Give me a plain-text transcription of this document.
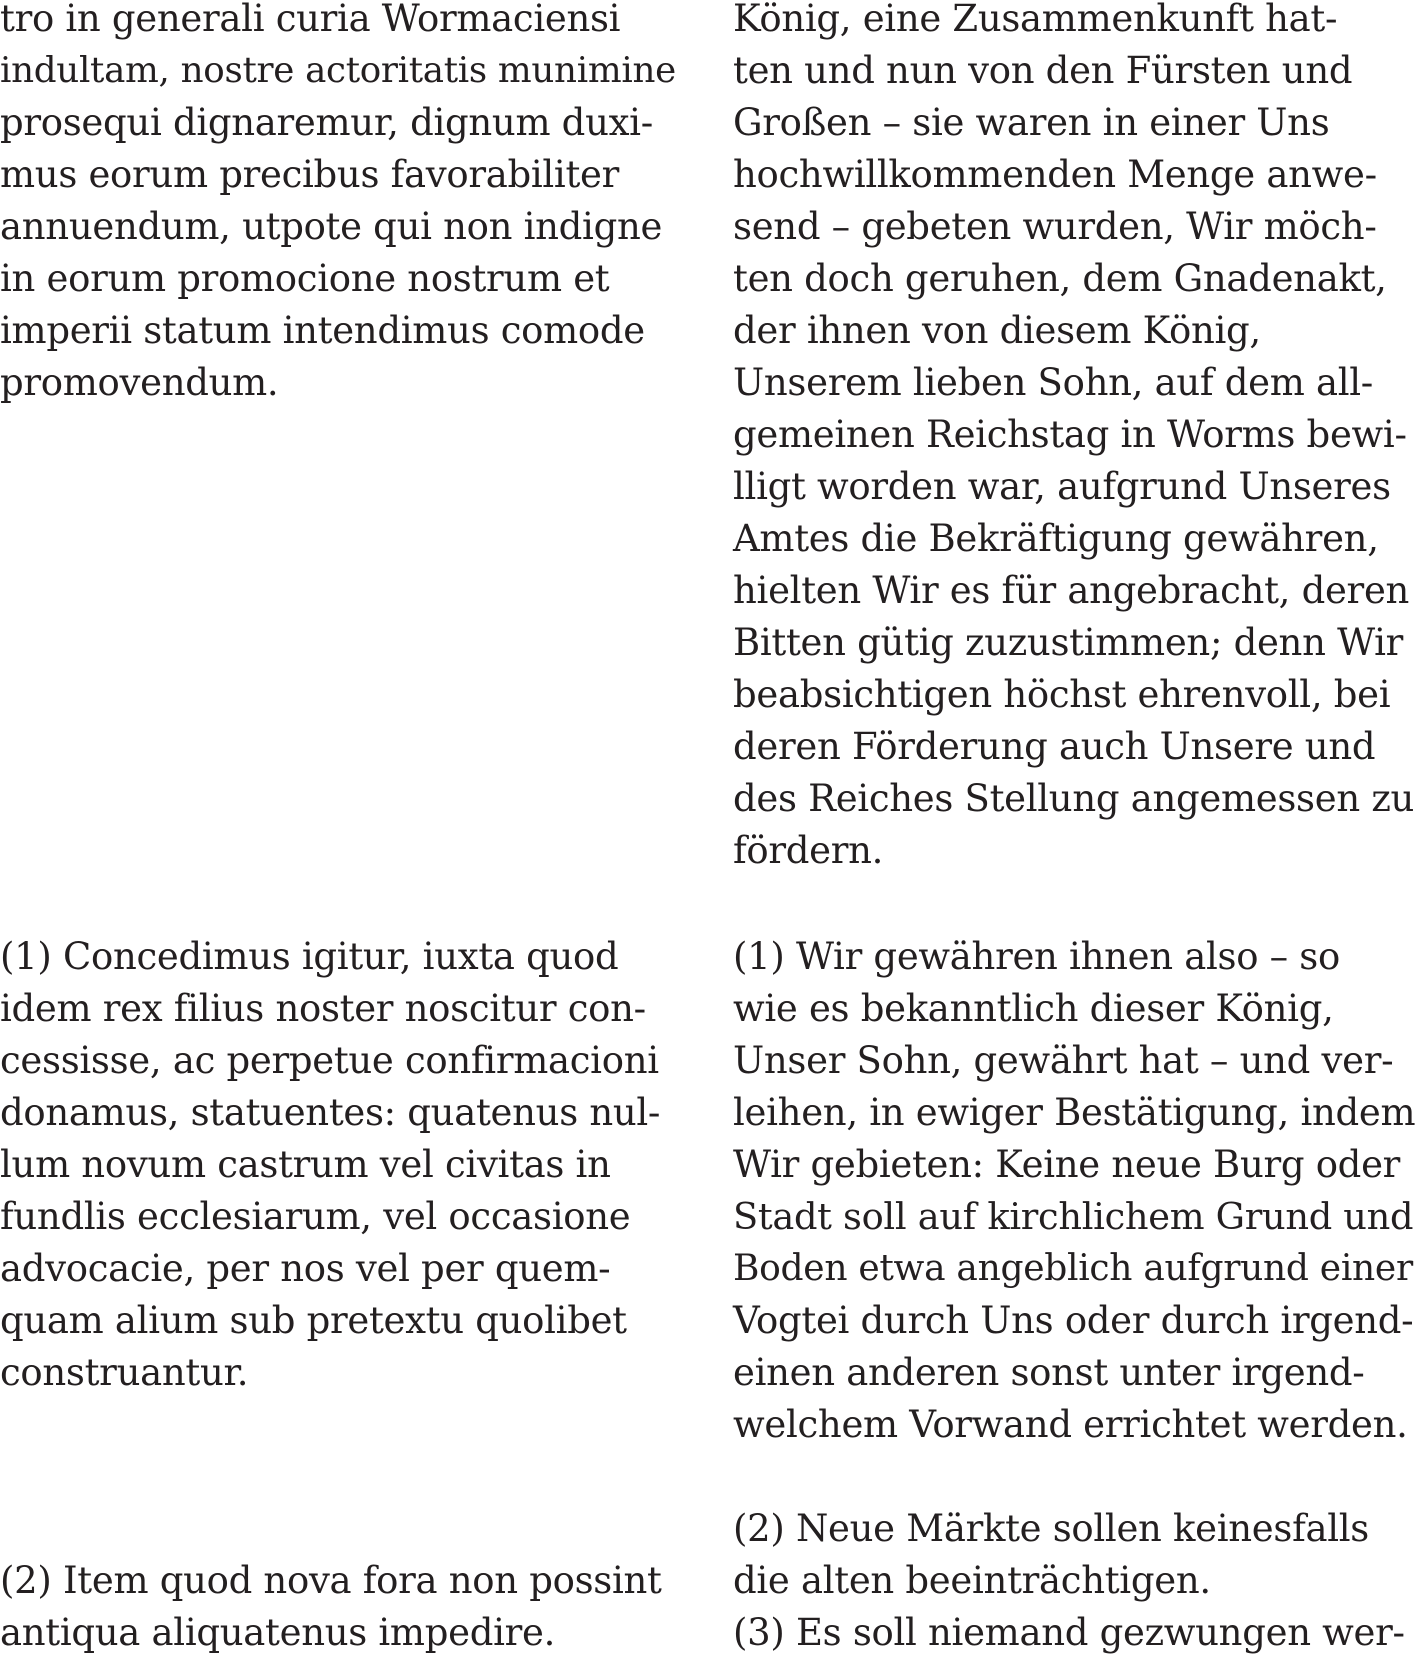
tro in generali curia Wormaciensi
indultam, nostre actoritatis munimine
prosequi dignaremur, dignum duxi-
mus eorum precibus favorabiliter
annuendum, utpote qui non indigne
in eorum promocione nostrum et
imperii statum intendimus comode
promovendum.

(1) Concedimus igitur, iuxta quod
idem rex filius noster noscitur con-
cessisse, ac perpetue confirmacioni
donamus, statuentes: quatenus nul-
lum novum castrum vel civitas in
fundlis ecclesiarum, vel occasione
advocacie, per nos vel per quem-
quam alium sub pretextu quolibet
construantur.

(2) Item quod nova fora non possint
antiqua aliquatenus impedire.

König, eine Zusammenkunft hat-
ten und nun von den Fürsten und
Großen – sie waren in einer Uns
hochwillkommenden Menge anwe-
send – gebeten wurden, Wir möch-
ten doch geruhen, dem Gnadenakt,
der ihnen von diesem König,
Unserem lieben Sohn, auf dem all-
gemeinen Reichstag in Worms bewi-
lligt worden war, aufgrund Unseres
Amtes die Bekräftigung gewähren,
hielten Wir es für angebracht, deren
Bitten gütig zuzustimmen; denn Wir
beabsichtigen höchst ehrenvoll, bei
deren Förderung auch Unsere und
des Reiches Stellung angemessen zu
fördern.

(1) Wir gewähren ihnen also – so
wie es bekanntlich dieser König,
Unser Sohn, gewährt hat – und ver-
leihen, in ewiger Bestätigung, indem
Wir gebieten: Keine neue Burg oder
Stadt soll auf kirchlichem Grund und
Boden etwa angeblich aufgrund einer
Vogtei durch Uns oder durch irgend-
einen anderen sonst unter irgend-
welchem Vorwand errichtet werden.

(2) Neue Märkte sollen keinesfalls
die alten beeinträchtigen.
(3) Es soll niemand gezwungen wer-
